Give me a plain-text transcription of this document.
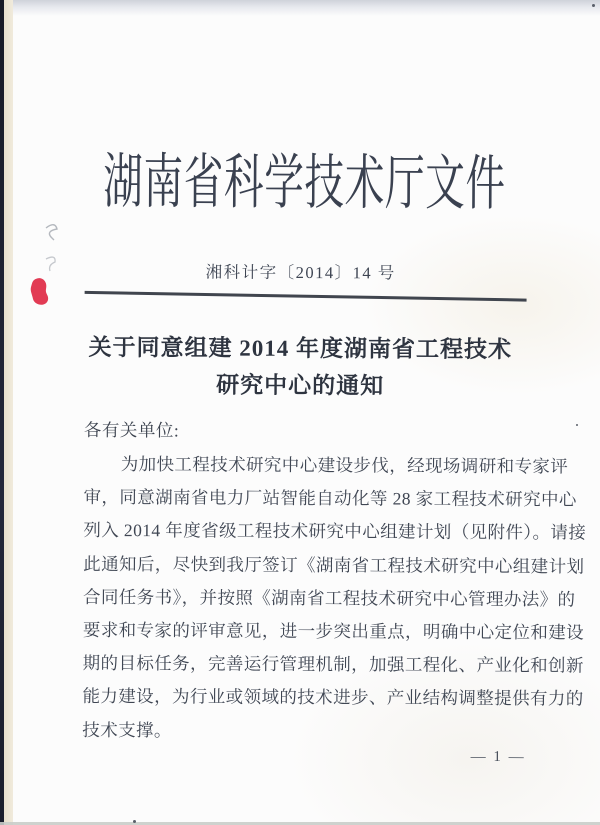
湖南省科学技术厅文件
湘科计字〔2014〕14 号
关于同意组建 2014 年度湖南省工程技术
研究中心的通知
各有关单位:
为加快工程技术研究中心建设步伐，经现场调研和专家评
审，同意湖南省电力厂站智能自动化等 28 家工程技术研究中心
列入 2014 年度省级工程技术研究中心组建计划（见附件）。请接
此通知后，尽快到我厅签订《湖南省工程技术研究中心组建计划
合同任务书》，并按照《湖南省工程技术研究中心管理办法》的
要求和专家的评审意见，进一步突出重点，明确中心定位和建设
期的目标任务，完善运行管理机制，加强工程化、产业化和创新
能力建设，为行业或领域的技术进步、产业结构调整提供有力的
技术支撑。
— 1 —
